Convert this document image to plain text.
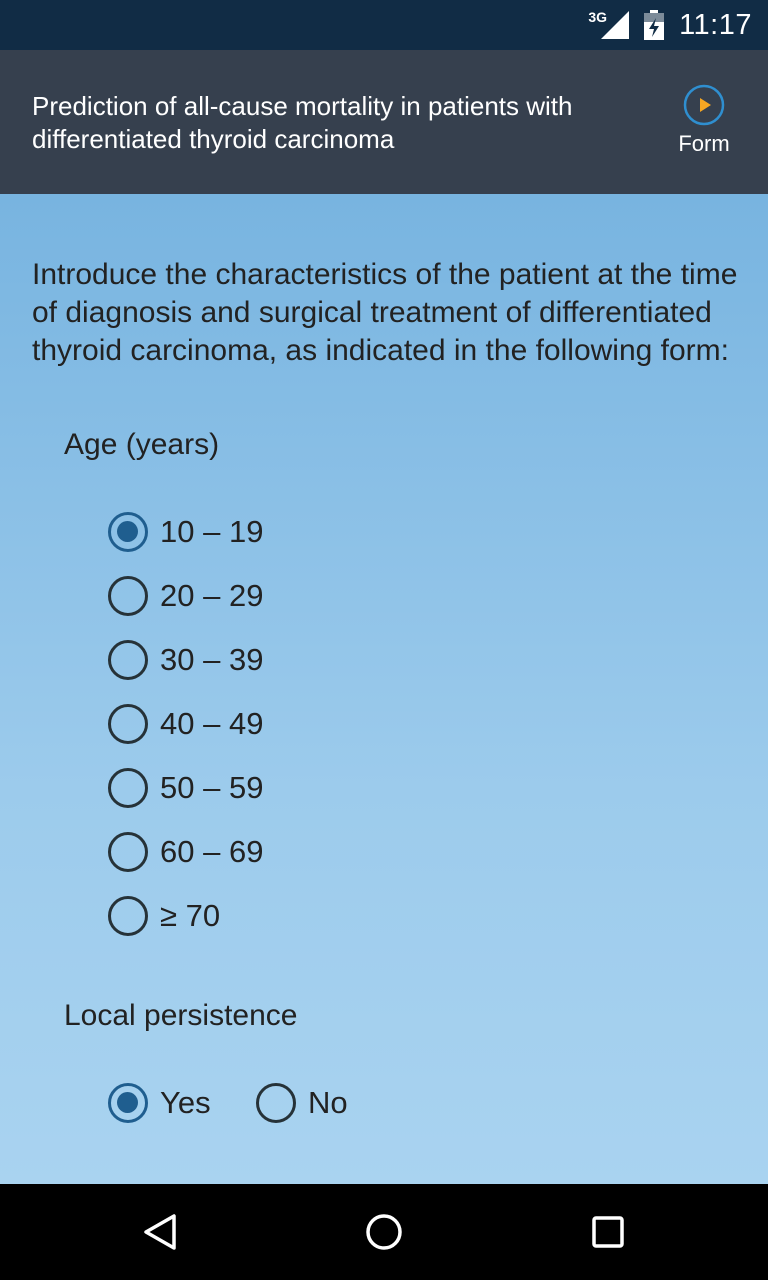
3G 11:17
Prediction of all-cause mortality in patients with differentiated thyroid carcinoma	Form
Introduce the characteristics of the patient at the time of diagnosis and surgical treatment of differentiated thyroid carcinoma, as indicated in the following form:
Age (years)
10 – 19
20 – 29
30 – 39
40 – 49
50 – 59
60 – 69
≥ 70
Local persistence
Yes	No
